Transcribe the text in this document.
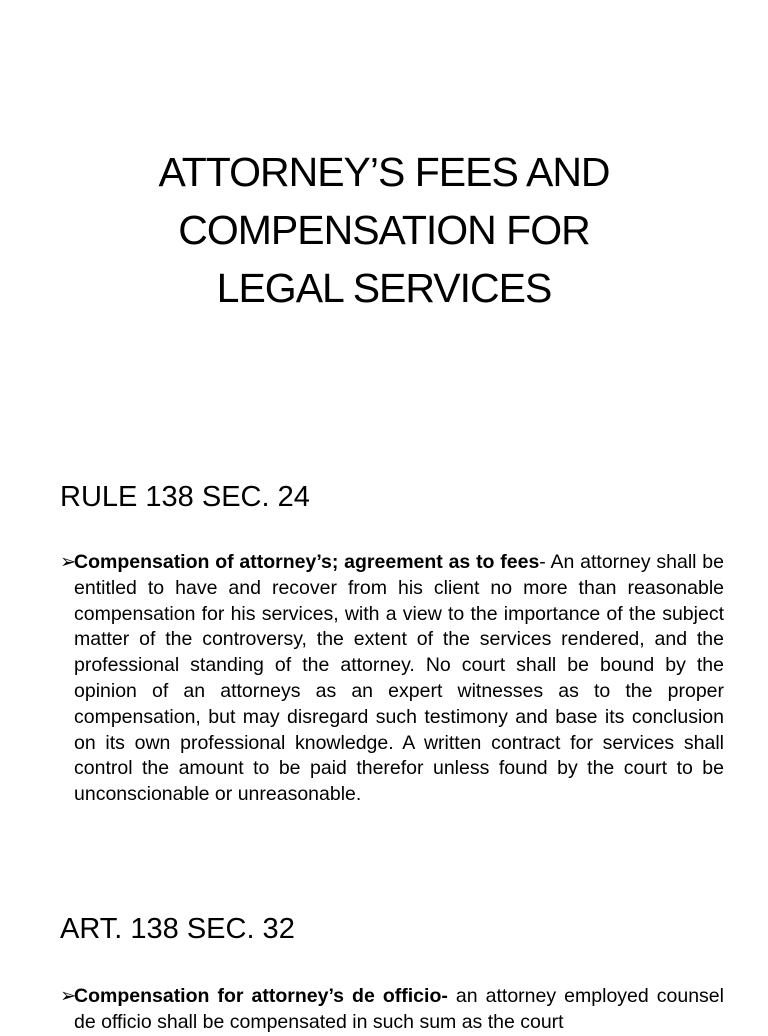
ATTORNEY’S FEES AND
COMPENSATION FOR
LEGAL SERVICES
RULE 138 SEC. 24

➢Compensation of attorney’s; agreement as to fees- An attorney shall be entitled to have and recover from his client no more than reasonable compensation for his services, with a view to the importance of the subject matter of the controversy, the extent of the services rendered, and the professional standing of the attorney. No court shall be bound by the opinion of an attorneys as an expert witnesses as to the proper compensation, but may disregard such testimony and base its conclusion on its own professional knowledge. A written contract for services shall control the amount to be paid therefor unless found by the court to be unconscionable or unreasonable.

ART. 138 SEC. 32

➢Compensation for attorney’s de officio- an attorney employed counsel de officio shall be compensated in such sum as the court
